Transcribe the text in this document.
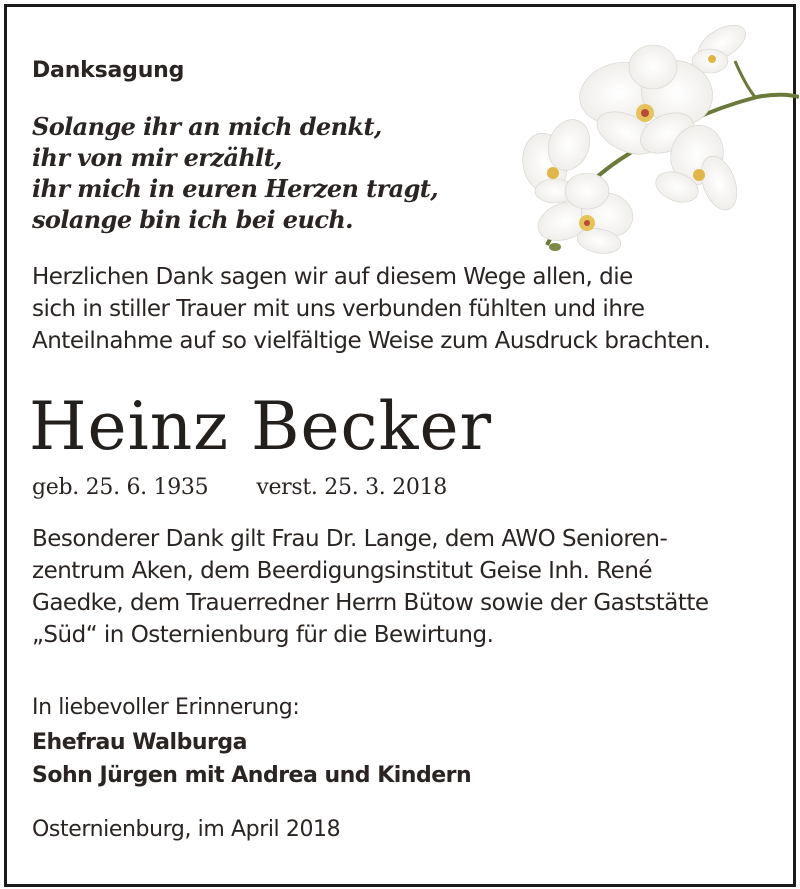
Danksagung
Solange ihr an mich denkt,
ihr von mir erzählt,
ihr mich in euren Herzen tragt,
solange bin ich bei euch.
Herzlichen Dank sagen wir auf diesem Wege allen, die
sich in stiller Trauer mit uns verbunden fühlten und ihre
Anteilnahme auf so vielfältige Weise zum Ausdruck brachten.
Heinz Becker
geb. 25. 6. 1935 verst. 25. 3. 2018
Besonderer Dank gilt Frau Dr. Lange, dem AWO Senioren-
zentrum Aken, dem Beerdigungsinstitut Geise Inh. René
Gaedke, dem Trauerredner Herrn Bütow sowie der Gaststätte
„Süd“ in Osternienburg für die Bewirtung.
In liebevoller Erinnerung:
Ehefrau Walburga
Sohn Jürgen mit Andrea und Kindern
Osternienburg, im April 2018
